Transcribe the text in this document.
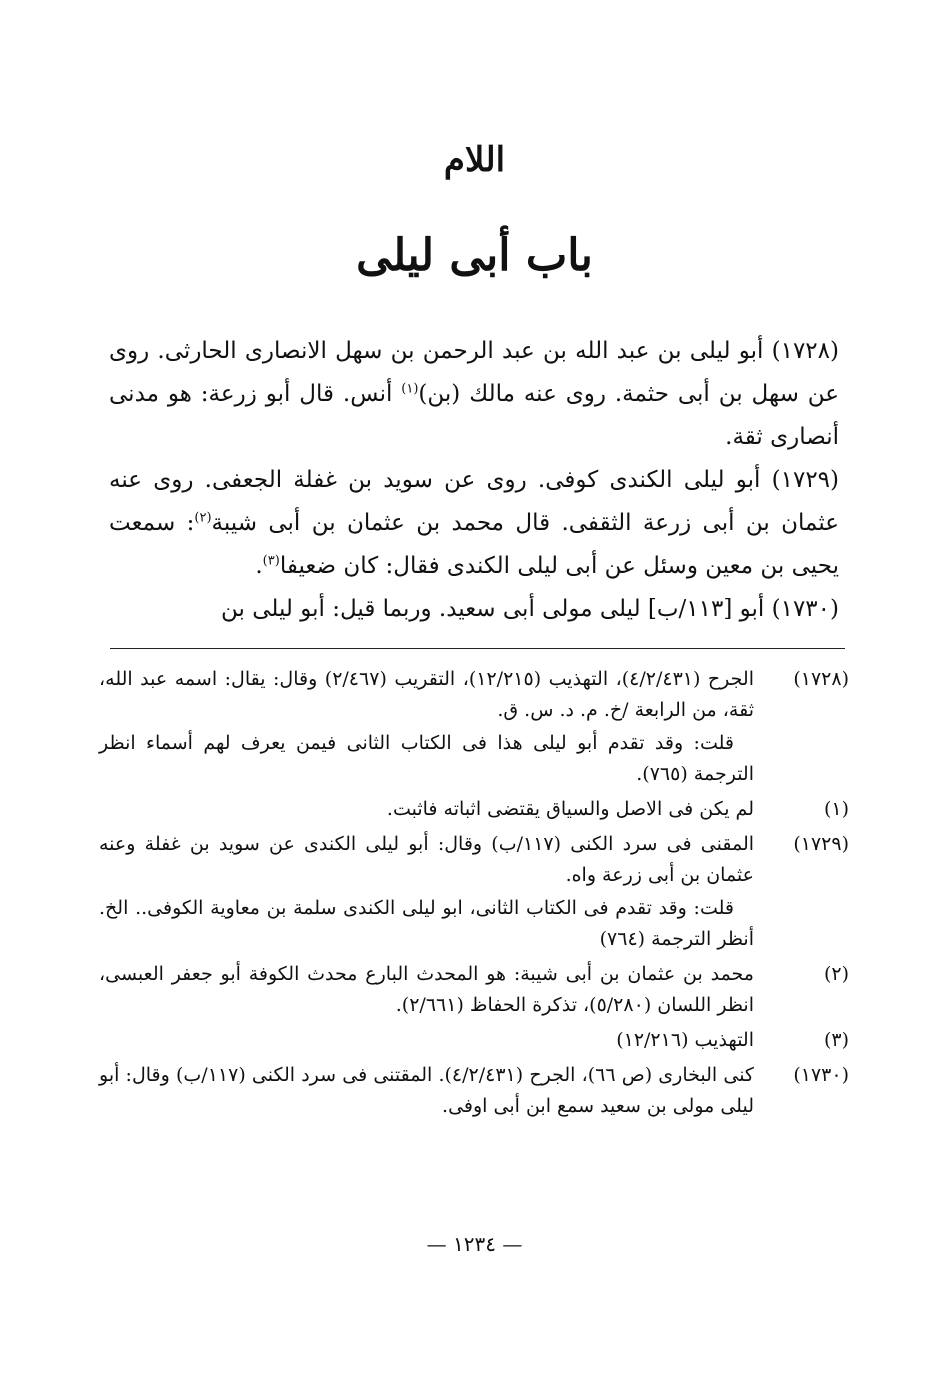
اللام
باب أبى ليلى

(١٧٢٨) أبو ليلى بن عبد الله بن عبد الرحمن بن سهل الانصارى الحارثى. روى عن سهل بن أبى حثمة. روى عنه مالك (بن)$^{(١)}$ أنس. قال أبو زرعة: هو مدنى أنصارى ثقة.

(١٧٢٩) أبو ليلى الكندى كوفى. روى عن سويد بن غفلة الجعفى. روى عنه عثمان بن أبى زرعة الثقفى. قال محمد بن عثمان بن أبى شيبة$^{(٢)}$: سمعت يحيى بن معين وسئل عن أبى ليلى الكندى فقال: كان ضعيفا$^{(٣)}$.

(١٧٣٠) أبو [١١٣/ب] ليلى مولى أبى سعيد. وربما قيل: أبو ليلى بن

(١٧٢٨)
الجرح (٤/٢/٤٣١)، التهذيب (١٢/٢١٥)، التقريب (٢/٤٦٧) وقال: يقال: اسمه عبد الله، ثقة، من الرابعة /خ. م. د. س. ق.
قلت: وقد تقدم أبو ليلى هذا فى الكتاب الثانى فيمن يعرف لهم أسماء انظر الترجمة (٧٦٥).
(١)
لم يكن فى الاصل والسياق يقتضى اثباته فاثبت.
(١٧٢٩)
المقنى فى سرد الكنى (١١٧/ب) وقال: أبو ليلى الكندى عن سويد بن غفلة وعنه عثمان بن أبى زرعة واه.
قلت: وقد تقدم فى الكتاب الثانى، ابو ليلى الكندى سلمة بن معاوية الكوفى.. الخ. أنظر الترجمة (٧٦٤)
(٢)
محمد بن عثمان بن أبى شيبة: هو المحدث البارع محدث الكوفة أبو جعفر العبسى، انظر اللسان (٥/٢٨٠)، تذكرة الحفاظ (٢/٦٦١).
(٣)
التهذيب (١٢/٢١٦)
(١٧٣٠)
كنى البخارى (ص ٦٦)، الجرح (٤/٢/٤٣١). المقتنى فى سرد الكنى (١١٧/ب) وقال: أبو ليلى مولى بن سعيد سمع ابن أبى اوفى.
— ١٢٣٤ —
